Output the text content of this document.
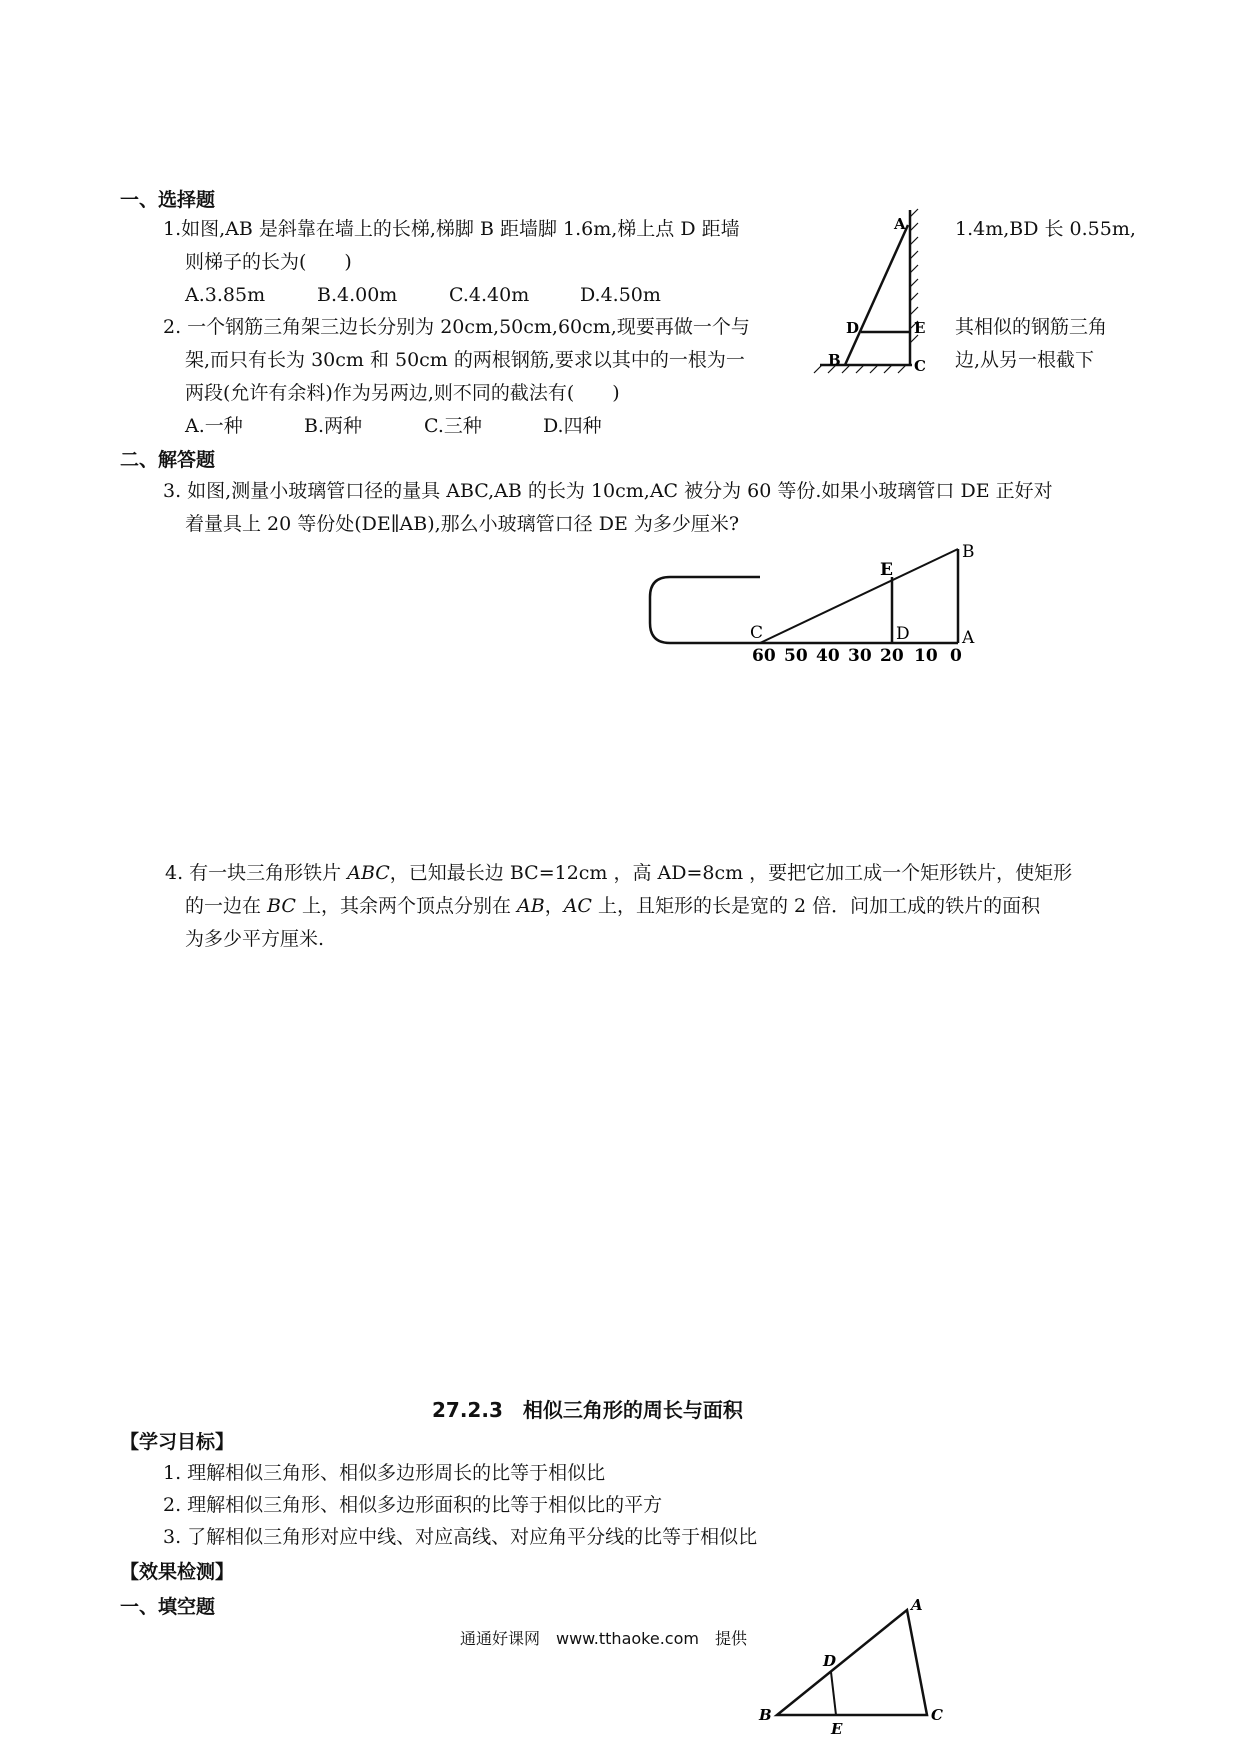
一、选择题
1.如图,AB 是斜靠在墙上的长梯,梯脚 B 距墙脚 1.6m,梯上点 D 距墙	1.4m,BD 长 0.55m,
则梯子的长为(　　)
A.3.85m	B.4.00m	C.4.40m	D.4.50m
A
B	C
D	E
2. 一个钢筋三角架三边长分别为 20cm,50cm,60cm,现要再做一个与	其相似的钢筋三角
架,而只有长为 30cm 和 50cm 的两根钢筋,要求以其中的一根为一	边,从另一根截下
两段(允许有余料)作为另两边,则不同的截法有(　　)
A.一种	B.两种	C.三种	D.四种
二、解答题
3. 如图,测量小玻璃管口径的量具 ABC,AB 的长为 10cm,AC 被分为 60 等份.如果小玻璃管口 DE 正好对
着量具上 20 等份处(DE∥AB),那么小玻璃管口径 DE 为多少厘米?
C	D
E
B
A
60 50 40 30 20 10 0
4. 有一块三角形铁片 ABC，已知最长边 BC=12cm ，高 AD=8cm ，要把它加工成一个矩形铁片，使矩形
的一边在 BC 上，其余两个顶点分别在 AB，AC 上，且矩形的长是宽的 2 倍．问加工成的铁片的面积
为多少平方厘米.
27.2.3　相似三角形的周长与面积
【学习目标】
1. 理解相似三角形、相似多边形周长的比等于相似比
2. 理解相似三角形、相似多边形面积的比等于相似比的平方
3. 了解相似三角形对应中线、对应高线、对应角平分线的比等于相似比
【效果检测】
一、填空题
通通好课网　www.tthaoke.com　提供
A
B	C
D
E
